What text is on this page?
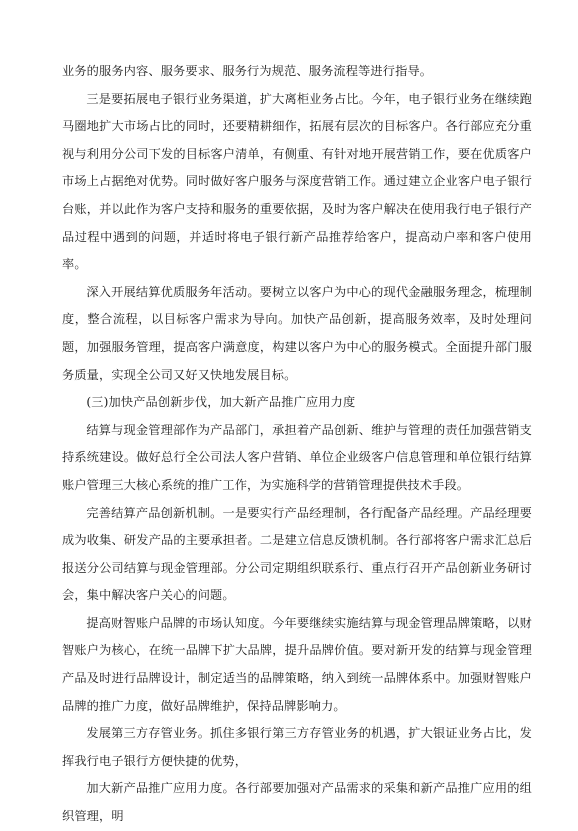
业务的服务内容、服务要求、服务行为规范、服务流程等进行指导。

三是要拓展电子银行业务渠道，扩大离柜业务占比。今年，电子银行业务在继续跑马圈地扩大市场占比的同时，还要精耕细作，拓展有层次的目标客户。各行部应充分重视与利用分公司下发的目标客户清单，有侧重、有针对地开展营销工作，要在优质客户市场上占据绝对优势。同时做好客户服务与深度营销工作。通过建立企业客户电子银行台账，并以此作为客户支持和服务的重要依据，及时为客户解决在使用我行电子银行产品过程中遇到的问题，并适时将电子银行新产品推荐给客户，提高动户率和客户使用率。

深入开展结算优质服务年活动。要树立以客户为中心的现代金融服务理念，梳理制度，整合流程，以目标客户需求为导向。加快产品创新，提高服务效率，及时处理问题，加强服务管理，提高客户满意度，构建以客户为中心的服务模式。全面提升部门服务质量，实现全公司又好又快地发展目标。

(三)加快产品创新步伐，加大新产品推广应用力度

结算与现金管理部作为产品部门，承担着产品创新、维护与管理的责任加强营销支持系统建设。做好总行全公司法人客户营销、单位企业级客户信息管理和单位银行结算账户管理三大核心系统的推广工作，为实施科学的营销管理提供技术手段。

完善结算产品创新机制。一是要实行产品经理制，各行配备产品经理。产品经理要成为收集、研发产品的主要承担者。二是建立信息反馈机制。各行部将客户需求汇总后报送分公司结算与现金管理部。分公司定期组织联系行、重点行召开产品创新业务研讨会，集中解决客户关心的问题。

提高财智账户品牌的市场认知度。今年要继续实施结算与现金管理品牌策略，以财智账户为核心，在统一品牌下扩大品牌，提升品牌价值。要对新开发的结算与现金管理产品及时进行品牌设计，制定适当的品牌策略，纳入到统一品牌体系中。加强财智账户品牌的推广力度，做好品牌维护，保持品牌影响力。

发展第三方存管业务。抓住多银行第三方存管业务的机遇，扩大银证业务占比，发挥我行电子银行方便快捷的优势，

加大新产品推广应用力度。各行部要加强对产品需求的采集和新产品推广应用的组织管理，明
